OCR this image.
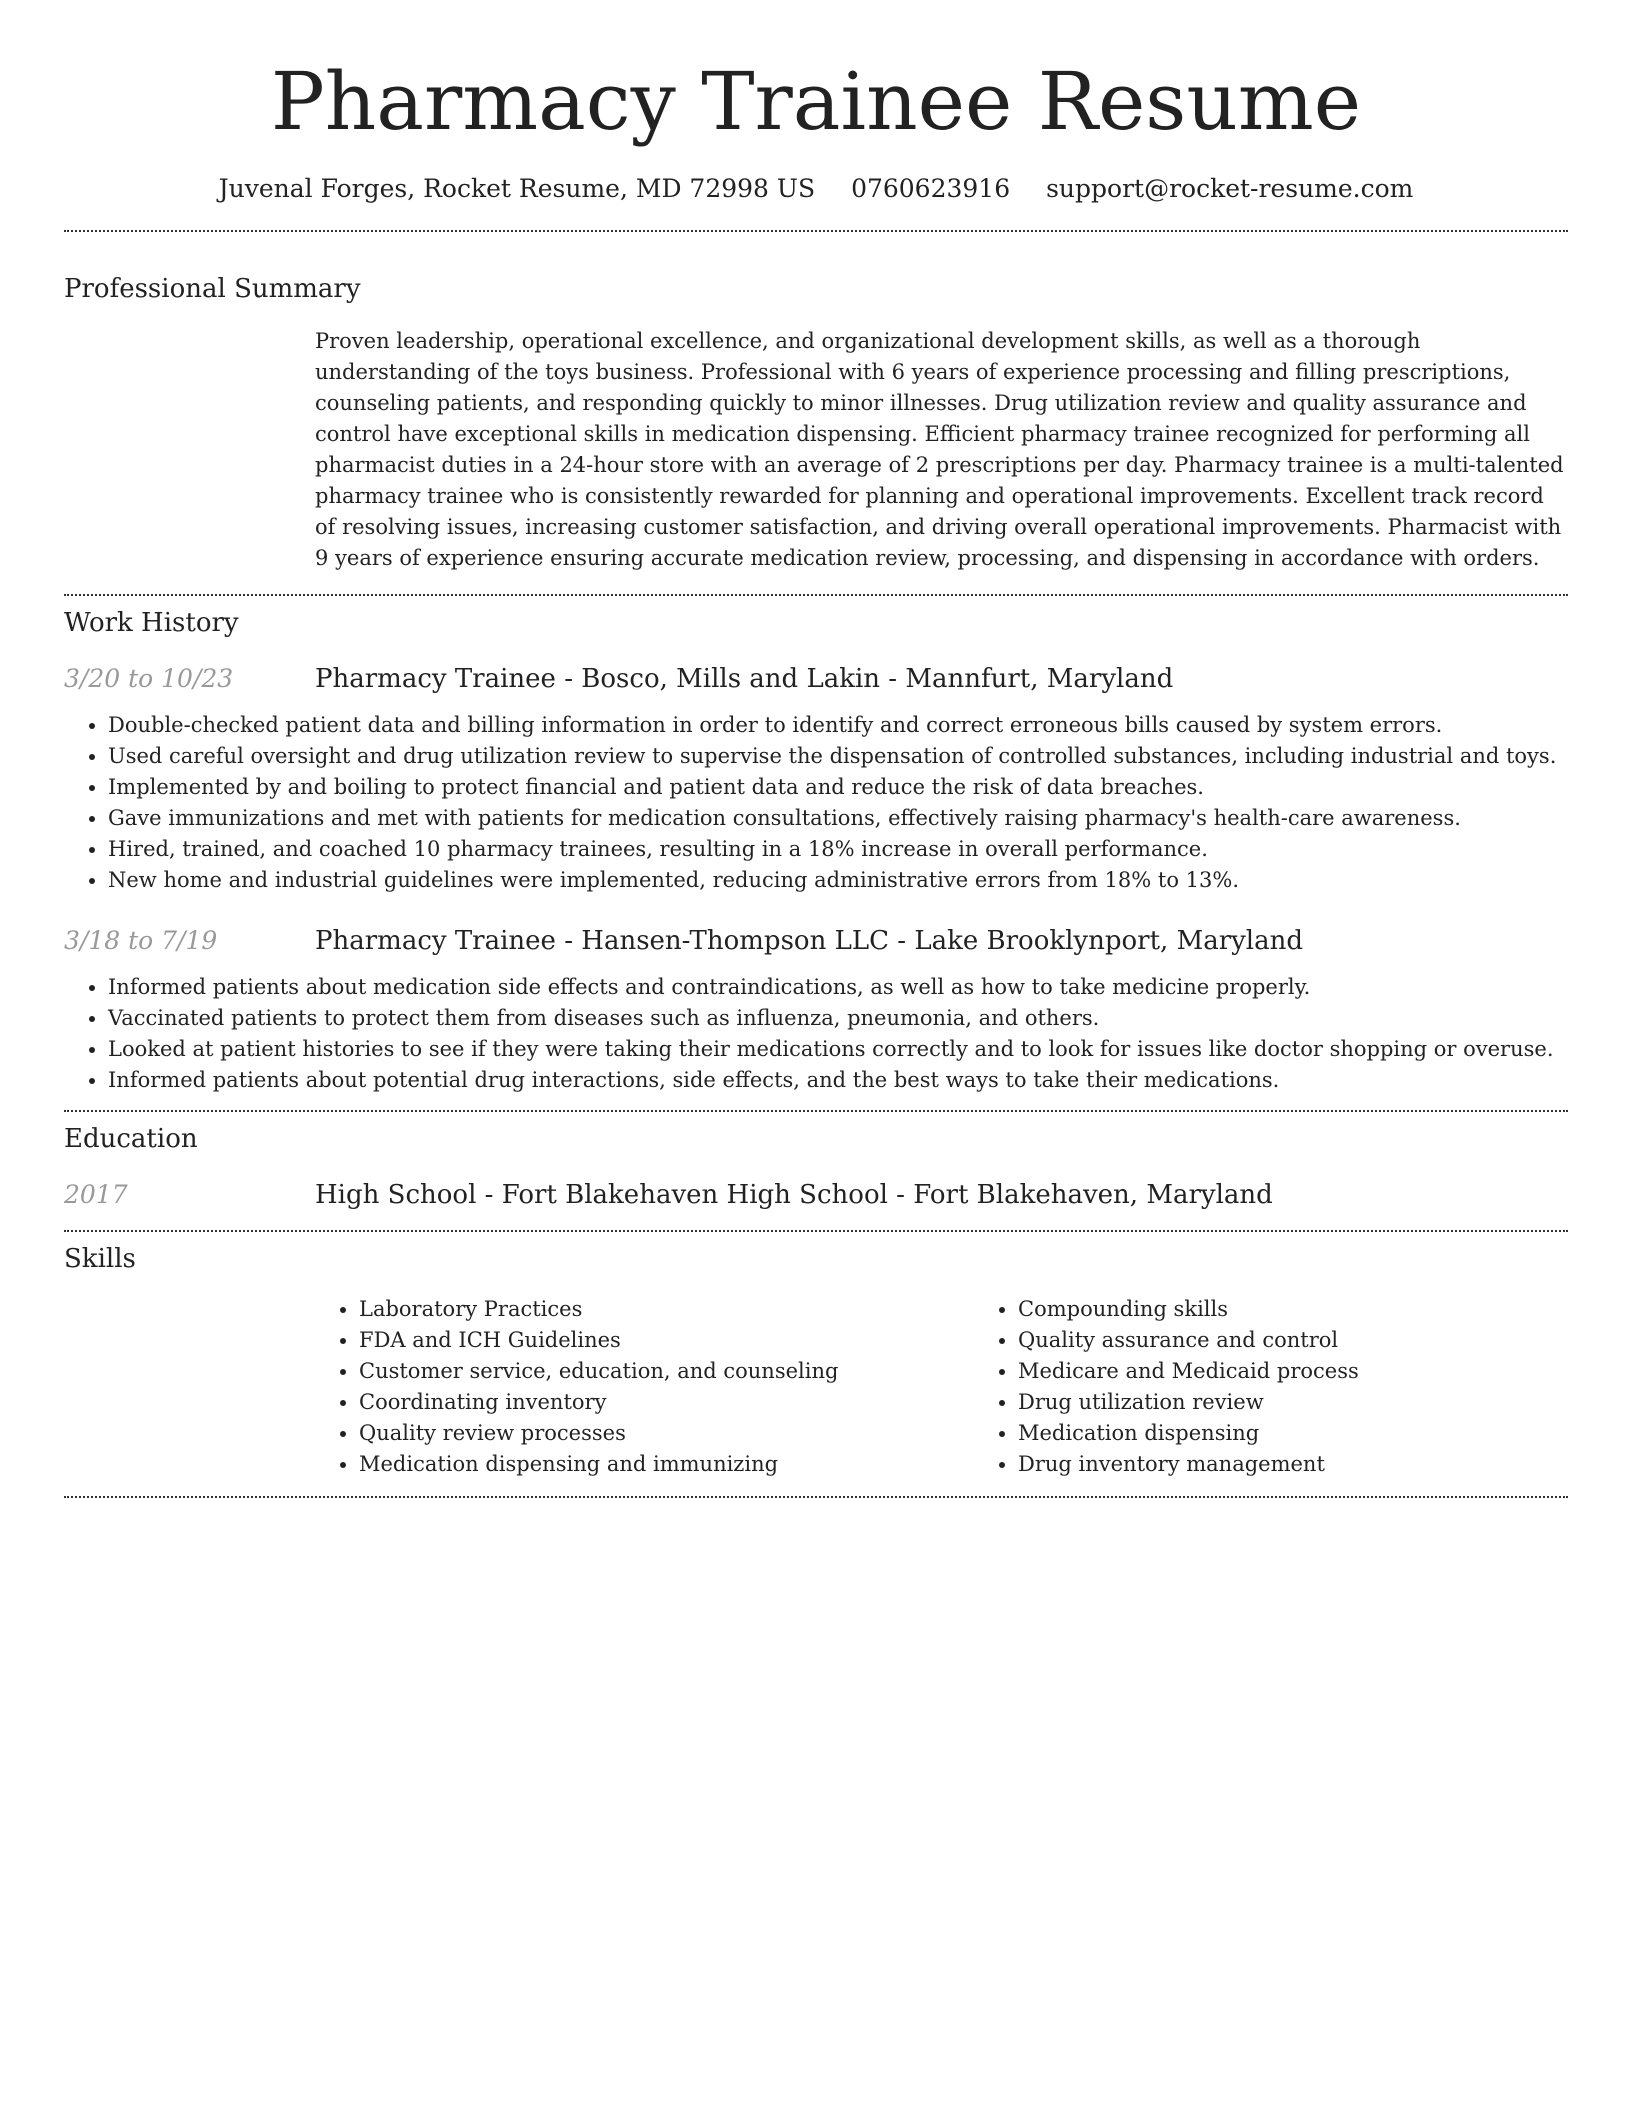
Pharmacy Trainee Resume
Juvenal Forges, Rocket Resume, MD 72998 US 0760623916 support@rocket-resume.com
Professional Summary
Proven leadership, operational excellence, and organizational development skills, as well as a thorough understanding of the toys business. Professional with 6 years of experience processing and filling prescriptions, counseling patients, and responding quickly to minor illnesses. Drug utilization review and quality assurance and control have exceptional skills in medication dispensing. Efficient pharmacy trainee recognized for performing all pharmacist duties in a 24-hour store with an average of 2 prescriptions per day. Pharmacy trainee is a multi-talented pharmacy trainee who is consistently rewarded for planning and operational improvements. Excellent track record of resolving issues, increasing customer satisfaction, and driving overall operational improvements. Pharmacist with 9 years of experience ensuring accurate medication review, processing, and dispensing in accordance with orders.
Work History
3/20 to 10/23	Pharmacy Trainee - Bosco, Mills and Lakin - Mannfurt, Maryland
• Double-checked patient data and billing information in order to identify and correct erroneous bills caused by system errors.
• Used careful oversight and drug utilization review to supervise the dispensation of controlled substances, including industrial and toys.
• Implemented by and boiling to protect financial and patient data and reduce the risk of data breaches.
• Gave immunizations and met with patients for medication consultations, effectively raising pharmacy's health-care awareness.
• Hired, trained, and coached 10 pharmacy trainees, resulting in a 18% increase in overall performance.
• New home and industrial guidelines were implemented, reducing administrative errors from 18% to 13%.
3/18 to 7/19	Pharmacy Trainee - Hansen-Thompson LLC - Lake Brooklynport, Maryland
• Informed patients about medication side effects and contraindications, as well as how to take medicine properly.
• Vaccinated patients to protect them from diseases such as influenza, pneumonia, and others.
• Looked at patient histories to see if they were taking their medications correctly and to look for issues like doctor shopping or overuse.
• Informed patients about potential drug interactions, side effects, and the best ways to take their medications.
Education
2017	High School - Fort Blakehaven High School - Fort Blakehaven, Maryland
Skills
• Laboratory Practices
• FDA and ICH Guidelines
• Customer service, education, and counseling
• Coordinating inventory
• Quality review processes
• Medication dispensing and immunizing
• Compounding skills
• Quality assurance and control
• Medicare and Medicaid process
• Drug utilization review
• Medication dispensing
• Drug inventory management
